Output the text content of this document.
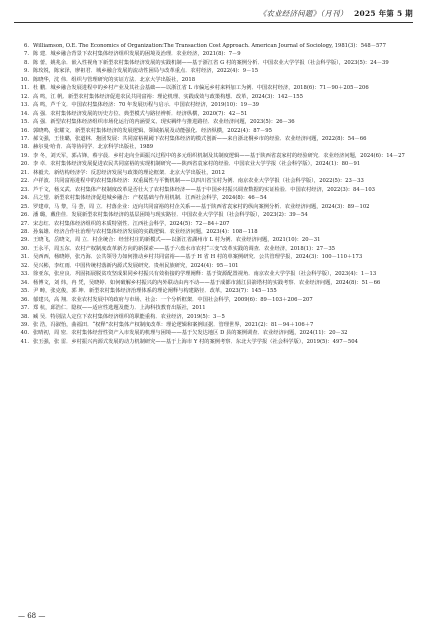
《农业经济问题》（月刊） 2025 年第 5 期
6. Williamson, O.E. The Economics of Organization:The Transaction Cost Approach. American Journal of Sociology, 1981(3)：548－577
7. 陈 建．城乡融合背景下农村集体经济组织发展的困境及治理．农业经济，2021(8)：7－9
8. 陈 蕾，姚兆余．嵌入性视角下新型农村集体经济发展的实践机制——基于浙江省 G 村的案例分析．中国农业大学学报（社会科学版），2023(5)：24－39
9. 陈玫锐，陈家泽，廖祖君．城乡融合发展的流动性困局与改革重点．农村经济，2022(4)：9－15
10. 陈晓华，沈 伟．组织与管理研究的实证方法．北京大学出版社，2018
11. 杜 鹏．城乡融合发展进程中的乡村产业及其社会基础——以浙江省 L 市偏远乡村来料加工为例．中国农村经济，2018(6)：71－90＋205－206
12. 高 鸣，江 帆．新型农村集体经济促进农民共同富裕：理论机理、实践成效与政策构想．改革，2024(3)：142－155
13. 高 鸣，芦千文．中国农村集体经济：70 年发展历程与启示．中国农村经济，2019(10)：19－39
14. 高 强．农村集体经济发展的历史方位、典型模式与路径辨析．经济纵横，2020(7)：42－51
15. 高 强．新型农村集体经济组织市场化运行的内涵要义、现实羁绊与推进路径．农业经济问题，2023(5)：26－36
16. 郭晓鸣，张耀文．新型农村集体经济的发展逻辑、领域拓展及动能强化．经济纵横，2022(4)：87－95
17. 郝文强，王佳璐，张道林．抱团发展：共同富裕视阈下农村集体经济的模式创新——来自浙北桐乡市的经验．农业经济问题，2022(8)：54－66
18. 赫尔曼·哈肯．高等协同学．北京科学出版社，1989
19. 李 冬，刘天军，郭占锋，蔡宇晨．乡村走向全面振兴过程中的多元组织机制及其制度逻辑——基于陕西省袁家村的经验研究．农业经济问题，2024(6)：14－27
20. 李 卓．农村集体经济发展促进农民共同富裕的实现机制研究——陕西省袁家村的经验．中国农业大学学报（社会科学版），2024(1)：80－91
21. 林毅夫．新结构经济学：反思经济发展与政策的理论框架．北京大学出版社，2012
22. 卢祥波．共同富裕进程中的农村集体经济：双重属性与平衡机制——以四川省宝村为例．南京农业大学学报（社会科学版），2022(5)：23－33
23. 芦千文，杨义武．农村集体产权制度改革是否壮大了农村集体经济——基于中国乡村振兴调查数据的实证检验．中国农村经济，2022(3)：84－103
24. 吕之望．新型农村集体经济促进城乡融合：产权基础与作用机制．江西社会科学，2024(8)：46－54
25. 罗建章，马 黎，马 荟，周 立．村落企业：迈向共同富裕的村企关系——基于陕西省袁家村的纵向案例分析．农业经济问题，2024(3)：89－102
26. 潘 璐，戴佳佳．发展新型农村集体经济的基层困境与现实路径．中国农业大学学报（社会科学版），2023(2)：39－54
27. 宋志红．农村集体经济组织的本质特别性．江西社会科学，2024(5)：72－84＋207
28. 孙枭雄．经济合作社治理与农村集体经济发展的实践逻辑．农业经济问题，2023(4)：108－118
29. 王晓飞，岳晓文，周 立．村企统合：经营村庄的新模式——以浙江省湖州市 L 村为例．农业经济问题，2021(10)：20－31
30. 王永平，周五东．农村产权制度改革新方向的新探索——基于六盘水市农村“三变”改革实践的调查．农业经济，2018(1)：27－35
31. 吴西西，杨晓婷，张乃海．公共领导力如何推动乡村共同富裕——基于 H 省 H 村的单案例研究．公共管理学报，2024(3)：100－110＋173
32. 吴兴彬，李红雨．中国传统村落新内源式发展研究．贵州民族研究，2024(4)：95－101
33. 徐亚东，张应良．巩固拓展脱贫攻坚成果同乡村振兴有效衔接的学理阐释：基于资源配置视角．南京农业大学学报（社会科学版），2023(4)：1－13
34. 杨博文，刘 炜，冉 凭，吴晓婷．如何破解乡村振兴的内外联动由内不动——基于成都市蒲江县箭塔村的实践考察．农业经济问题，2024(8)：51－66
35. 尹 畴，张克俊，郭 坤．新型农村集体经济治理体系的理论阐释与构建路径．改革，2023(7)：145－155
36. 郁建兴，高 翔．农业农村发展中的政府与市场、社会：一个分析框架．中国社会科学，2009(6)：89－103＋206－207
37. 郑 杭，邱浩仁．隐权——适应性选题及能力．上海科技教育出版社，2011
38. 臧 吴．特别法人定位下农村集体经济组织的职能重构．农业经济，2019(5)：3－5
39. 张 浩，冯淑怡，曲福田．“权释”农村集体产权制度改革：理论逻辑和案例证据．管理世界，2021(2)：81－94＋106＋7
40. 张晴初，周 密．农村集体经营性资产入市发展的机理与困境——基于欠发达地区 D 县的案例调查．农业经济问题，2024(11)：20－32
41. 张玉强，张 雷．乡村振兴内源式发展的动力机制研究——基于上海市 Y 村的案例考察．东北大学学报（社会科学版），2019(5)：497－504
— 68 —
